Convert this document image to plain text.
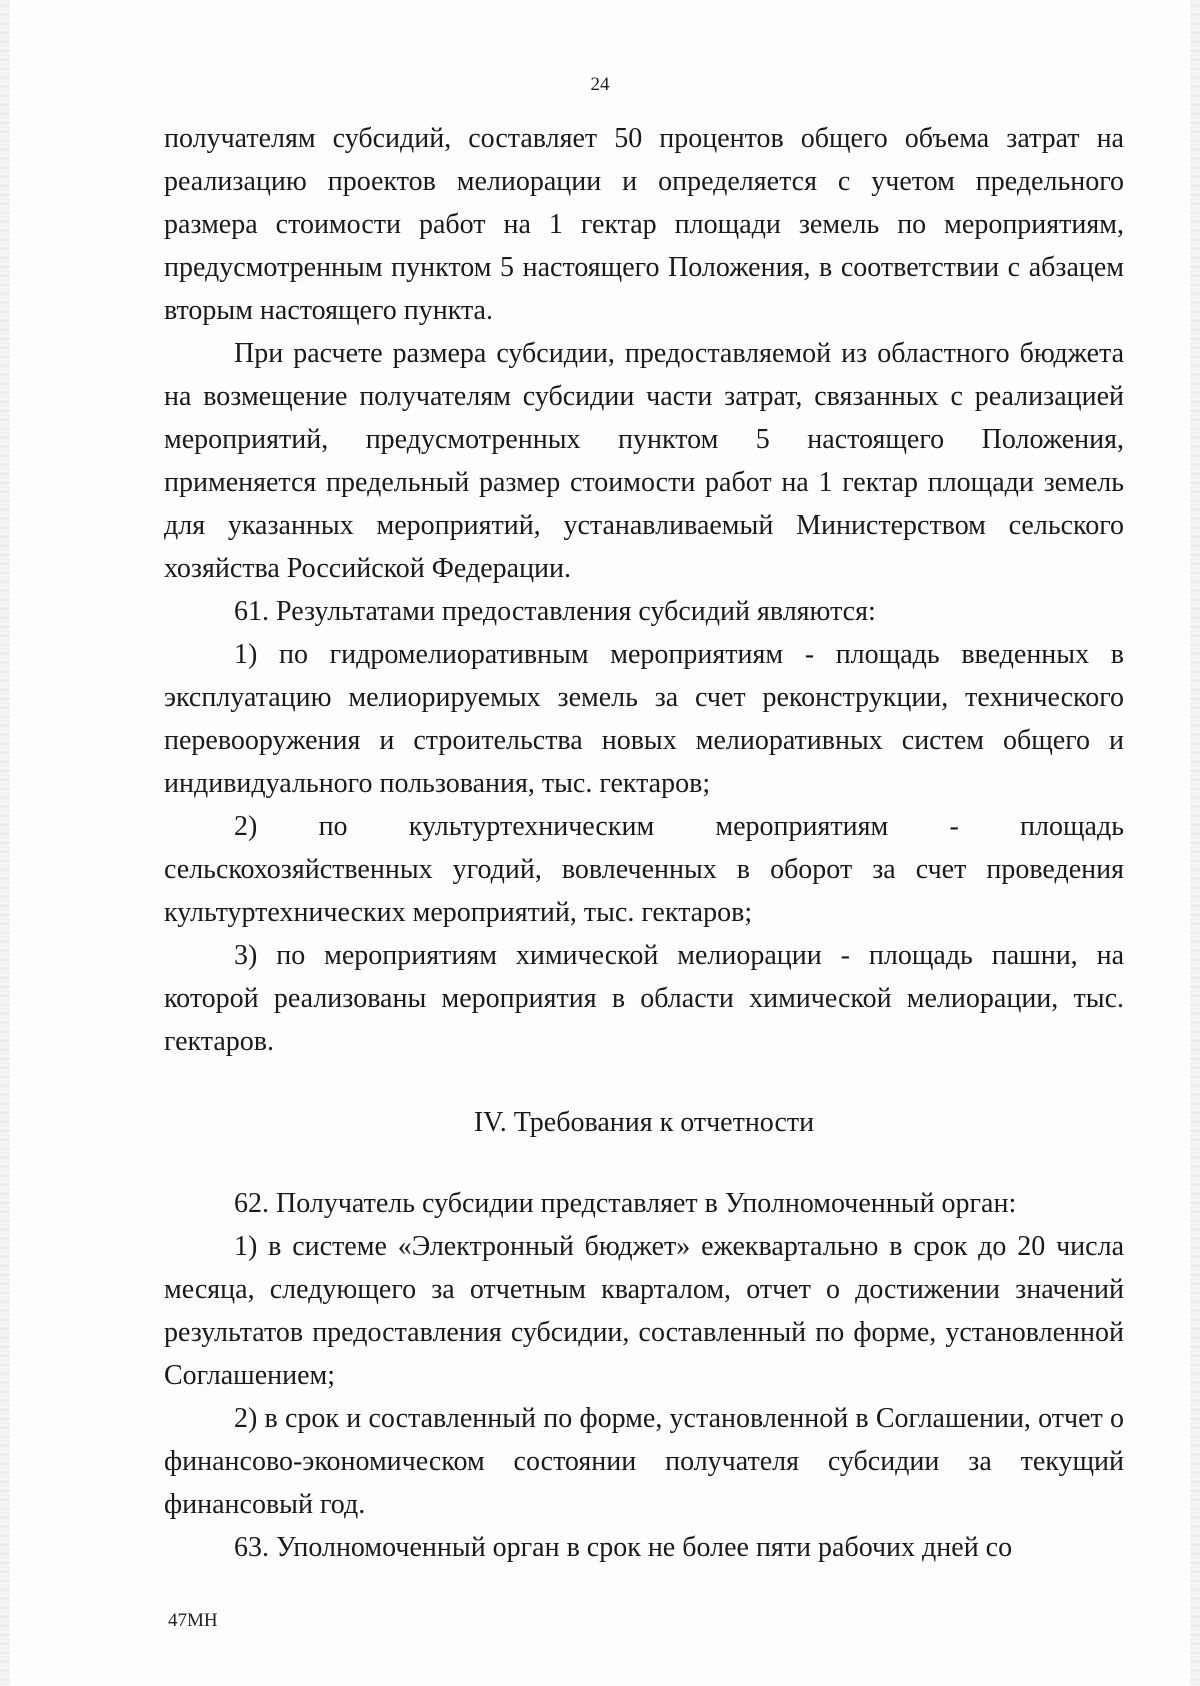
24

получателям субсидий, составляет 50 процентов общего объема затрат на реализацию проектов мелиорации и определяется с учетом предельного размера стоимости работ на 1 гектар площади земель по мероприятиям, предусмотренным пунктом 5 настоящего Положения, в соответствии с абзацем вторым настоящего пункта.

При расчете размера субсидии, предоставляемой из областного бюджета на возмещение получателям субсидии части затрат, связанных с реализацией мероприятий, предусмотренных пунктом 5 настоящего Положения, применяется предельный размер стоимости работ на 1 гектар площади земель для указанных мероприятий, устанавливаемый Министерством сельского хозяйства Российской Федерации.

61. Результатами предоставления субсидий являются:

1) по гидромелиоративным мероприятиям - площадь введенных в эксплуатацию мелиорируемых земель за счет реконструкции, технического перевооружения и строительства новых мелиоративных систем общего и индивидуального пользования, тыс. гектаров;

2) по культуртехническим мероприятиям - площадь сельскохозяйственных угодий, вовлеченных в оборот за счет проведения культуртехнических мероприятий, тыс. гектаров;

3) по мероприятиям химической мелиорации - площадь пашни, на которой реализованы мероприятия в области химической мелиорации, тыс. гектаров.

IV. Требования к отчетности

62. Получатель субсидии представляет в Уполномоченный орган:

1) в системе «Электронный бюджет» ежеквартально в срок до 20 числа месяца, следующего за отчетным кварталом, отчет о достижении значений результатов предоставления субсидии, составленный по форме, установленной Соглашением;

2) в срок и составленный по форме, установленной в Соглашении, отчет о финансово-экономическом состоянии получателя субсидии за текущий финансовый год.

63. Уполномоченный орган в срок не более пяти рабочих дней со

47МН
